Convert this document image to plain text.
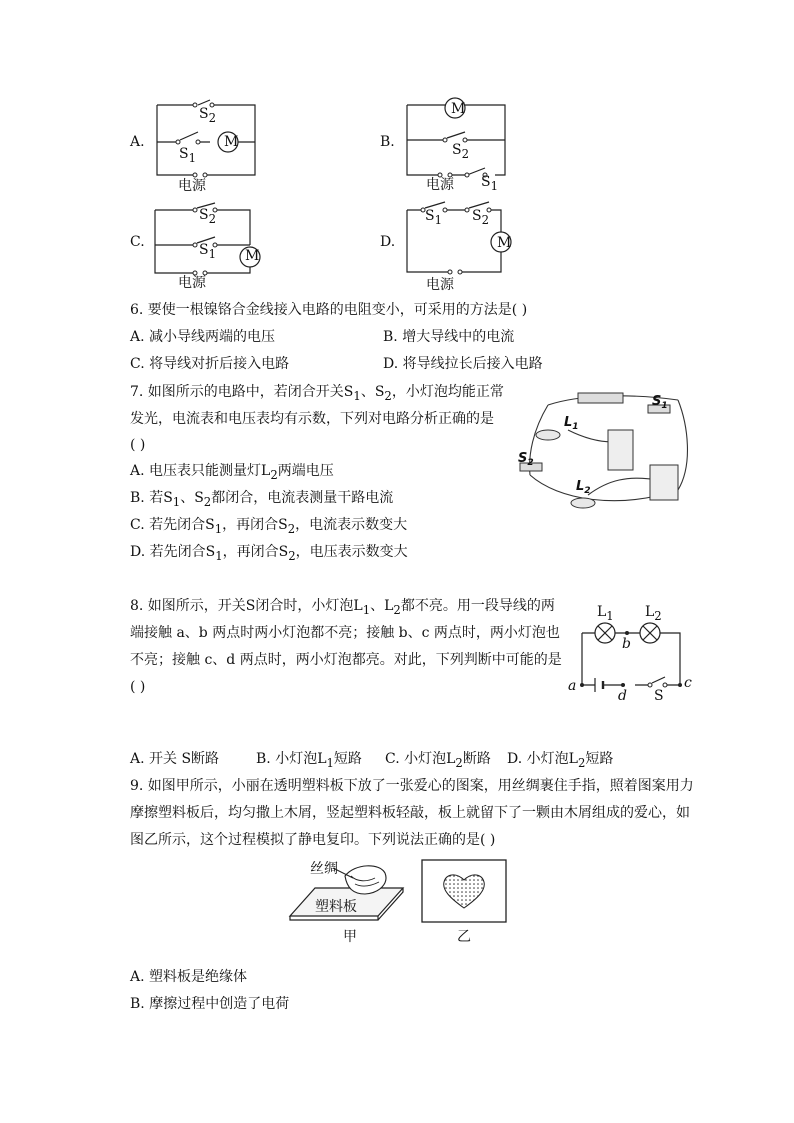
A.
$S_2$
$S_1$
M
电源
B.
M
$S_2$
电源 $S_1$
C.
$S_2$
$S_1$ M
电源
D.
$S_1$ $S_2$
M
电源
6. 要使一根镍铬合金线接入电路的电阻变小，可采用的方法是( )
A. 减小导线两端的电压	B. 增大导线中的电流
C. 将导线对折后接入电路	D. 将导线拉长后接入电路
7. 如图所示的电路中，若闭合开关$S_1$、$S_2$，小灯泡均能正常
发光，电流表和电压表均有示数，下列对电路分析正确的是
( )
A. 电压表只能测量灯$L_2$两端电压
B. 若$S_1$、$S_2$都闭合，电流表测量干路电流
C. 若先闭合$S_1$，再闭合$S_2$，电流表示数变大
D. 若先闭合$S_1$，再闭合$S_2$，电压表示数变大
$S_1$
$L_1$
$S_2$
$L_2$
8. 如图所示，开关S闭合时，小灯泡$L_1$、$L_2$都不亮。用一段导线的两
端接触 a、b 两点时两小灯泡都不亮；接触 b、c 两点时，两小灯泡也
不亮；接触 c、d 两点时，两小灯泡都亮。对此，下列判断中可能的是
( )
$L_1$ $L_2$
b
a
d S
c
A. 开关 S断路	B. 小灯泡$L_1$短路 C. 小灯泡$L_2$断路 D. 小灯泡$L_2$短路
9. 如图甲所示，小丽在透明塑料板下放了一张爱心的图案，用丝绸裹住手指，照着图案用力
摩擦塑料板后，均匀撒上木屑，竖起塑料板轻敲，板上就留下了一颗由木屑组成的爱心，如
图乙所示，这个过程模拟了静电复印。下列说法正确的是( )
丝绸
塑料板
甲	乙
A. 塑料板是绝缘体
B. 摩擦过程中创造了电荷
